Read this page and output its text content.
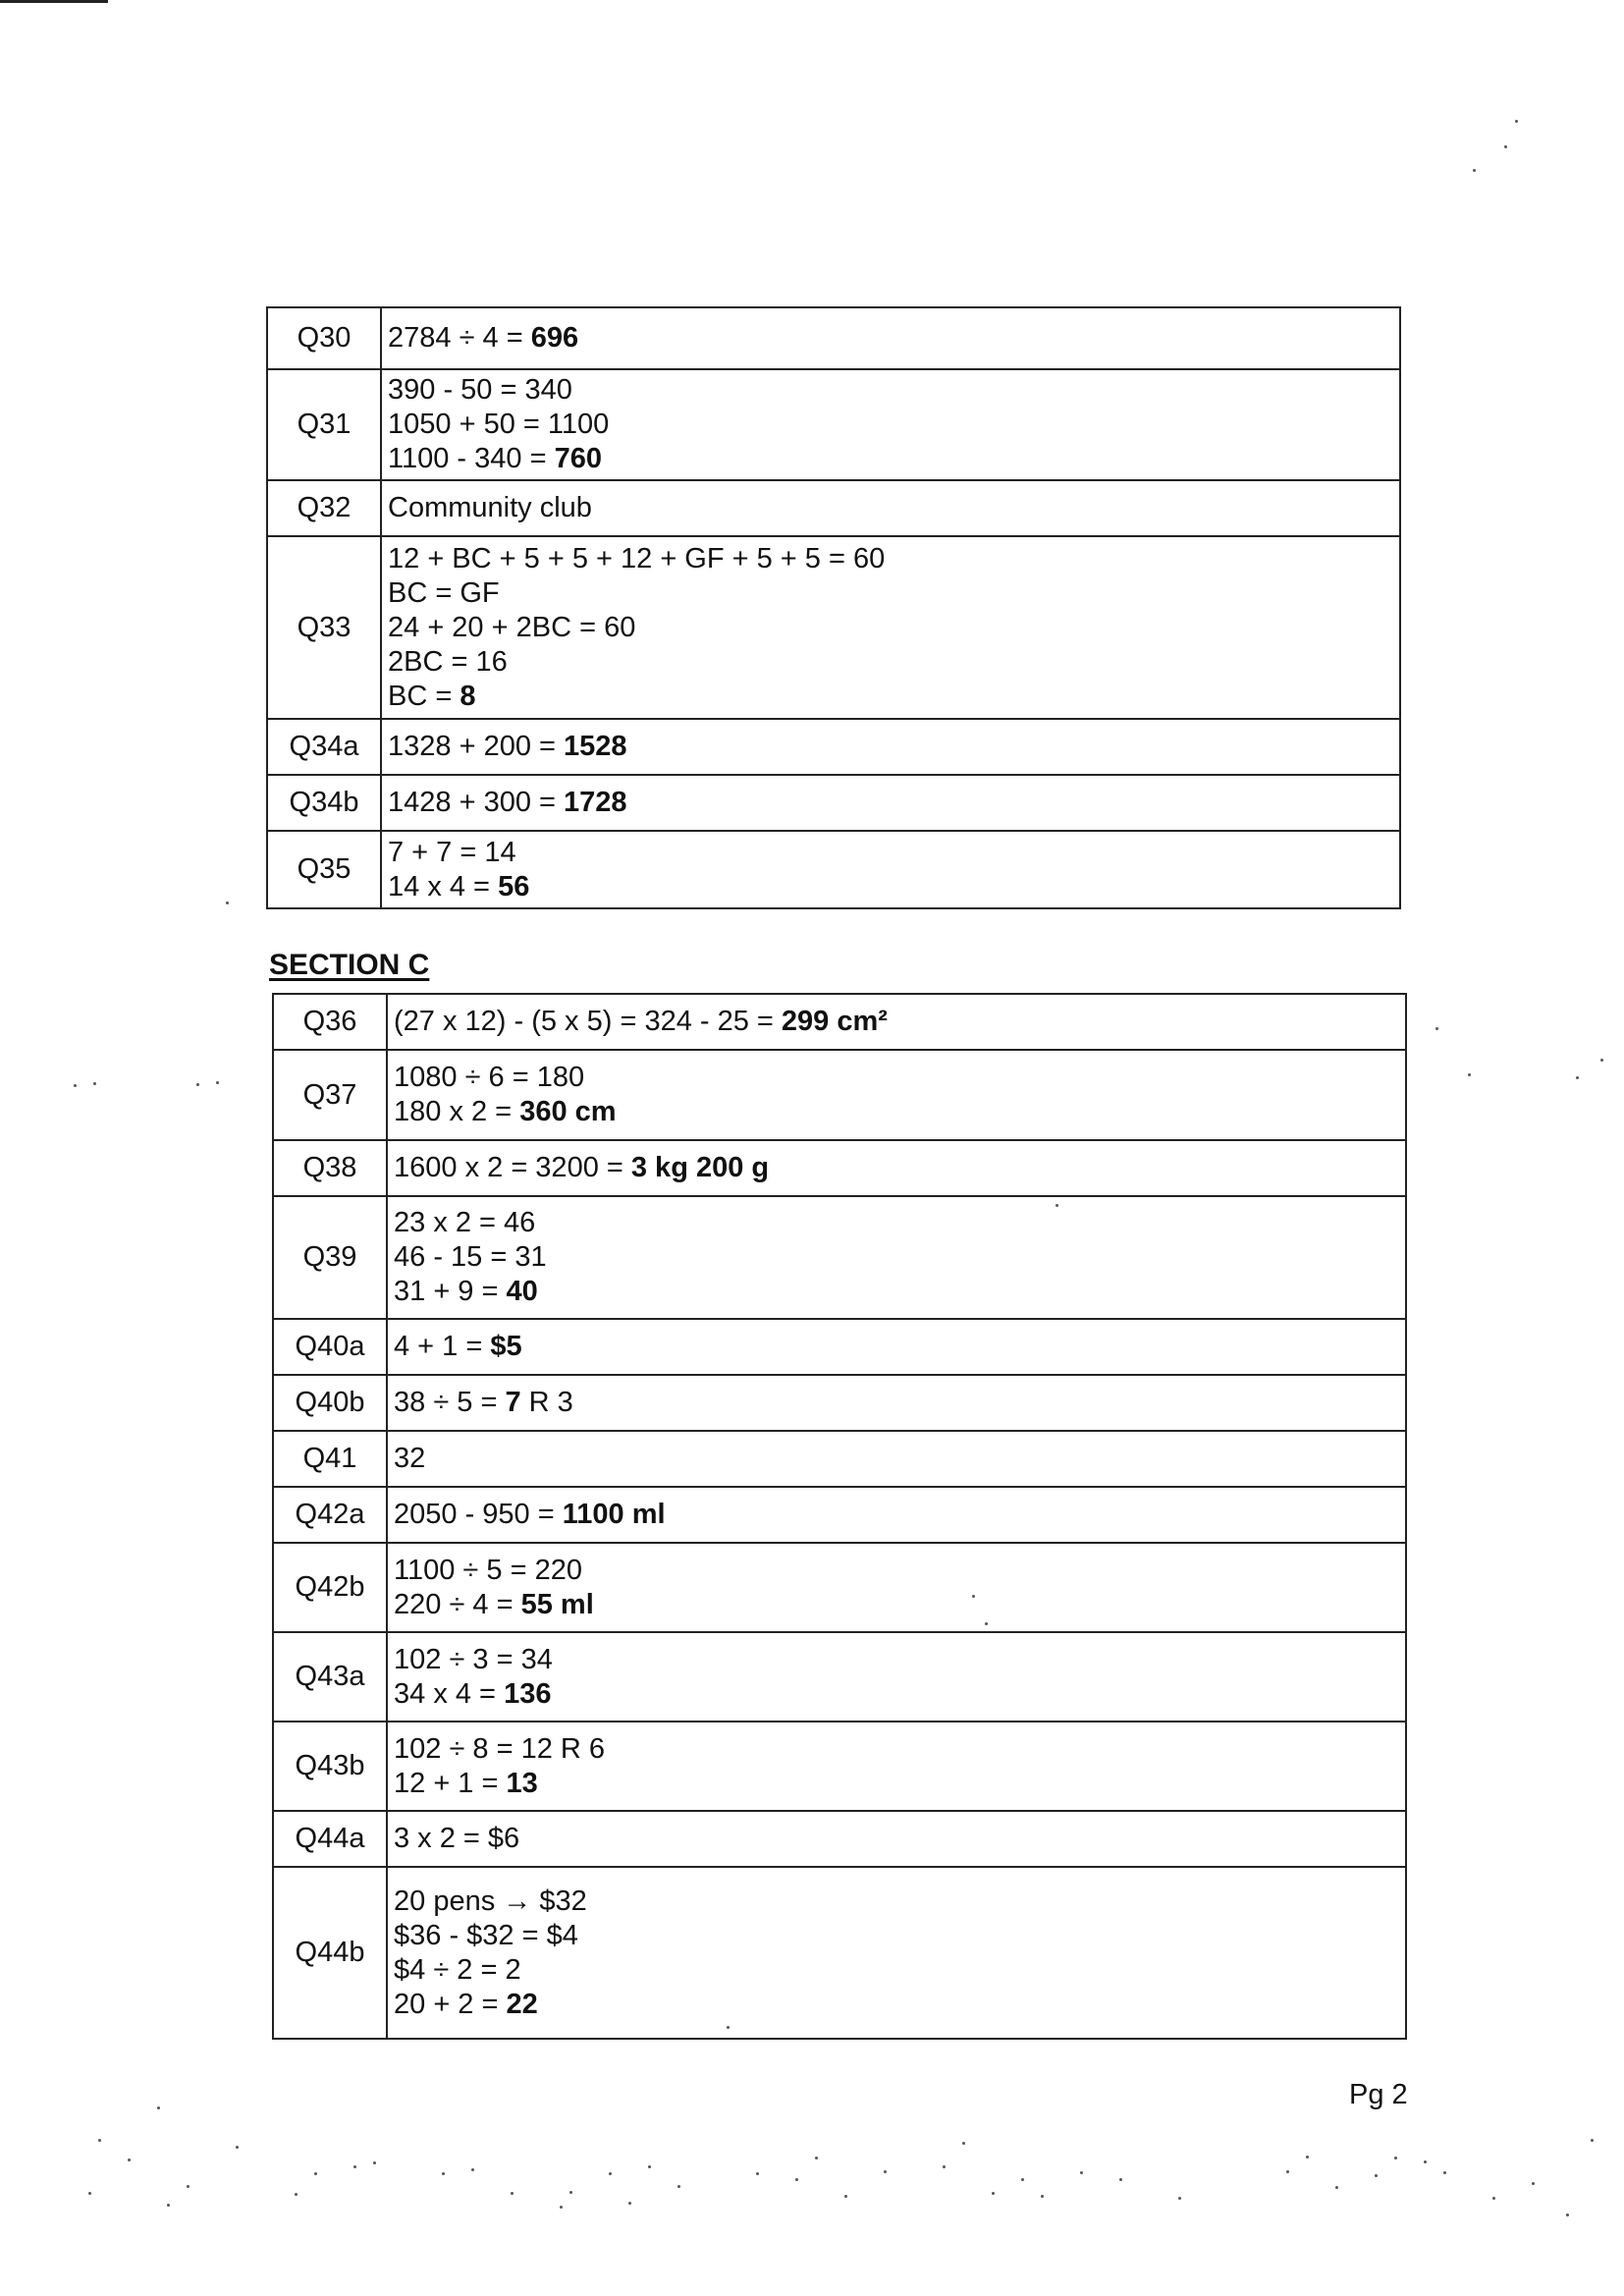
Q30	2784 ÷ 4 = 696

Q31	390 - 50 = 340
1050 + 50 = 1100
1100 - 340 = 760

Q32	Community club

Q33	12 + BC + 5 + 5 + 12 + GF + 5 + 5 = 60
BC = GF
24 + 20 + 2BC = 60
2BC = 16
BC = 8

Q34a	1328 + 200 = 1528

Q34b	1428 + 300 = 1728

Q35	7 + 7 = 14
14 x 4 = 56
SECTION C
Q36	(27 x 12) - (5 x 5) = 324 - 25 = 299 cm²

Q37	1080 ÷ 6 = 180
180 x 2 = 360 cm

Q38	1600 x 2 = 3200 = 3 kg 200 g

Q39	23 x 2 = 46
46 - 15 = 31
31 + 9 = 40

Q40a	4 + 1 = $5

Q40b	38 ÷ 5 = 7 R 3

Q41	32

Q42a	2050 - 950 = 1100 ml

Q42b	1100 ÷ 5 = 220
220 ÷ 4 = 55 ml

Q43a	102 ÷ 3 = 34
34 x 4 = 136

Q43b	102 ÷ 8 = 12 R 6
12 + 1 = 13

Q44a	3 x 2 = $6

Q44b	20 pens → $32
$36 - $32 = $4
$4 ÷ 2 = 2
20 + 2 = 22
Pg 2
